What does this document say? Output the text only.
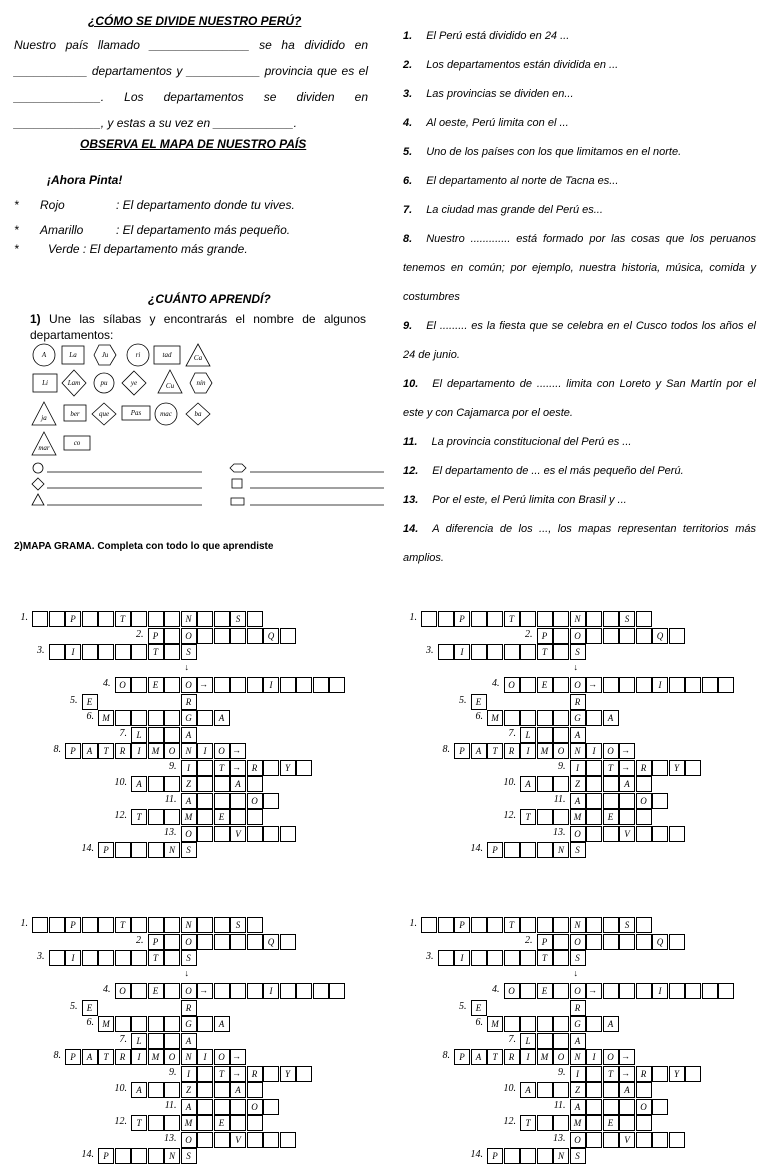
¿CÓMO SE DIVIDE NUESTRO PERÚ?
Nuestro país llamado _______________ se ha dividido en ___________ departamentos y ___________ provincia que es el _____________. Los departamentos se dividen en _____________, y estas a su vez en ____________.
OBSERVA EL MAPA DE NUESTRO PAÍS
¡Ahora Pinta!
* Rojo	: El departamento donde tu vives.
* Amarillo	: El departamento más pequeño.
* Verde : El departamento más grande.
¿CUÁNTO APRENDÍ?
1) Une las sílabas y encontrarás el nombre de algunos departamentos:
A	La	Ju	ri	tad	Ca
Li	Lam	pu	ye	Cu	nín
ja	ber	que	Pas	mac	ba
mar
co
2)MAPA GRAMA. Completa con todo lo que aprendiste
1. El Perú está dividido en 24 ...
2. Los departamentos están dividida en ...
3. Las provincias se dividen en...
4. Al oeste, Perú limita con el ...
5. Uno de los países con los que limitamos en el norte.
6. El departamento al norte de Tacna es...
7. La ciudad mas grande del Perú es...
8. Nuestro ............. está formado por las cosas que los peruanos tenemos en común; por ejemplo, nuestra historia, música, comida y costumbres
9. El ......... es la fiesta que se celebra en el Cusco todos los años el 24 de junio.
10. El departamento de ........ limita con Loreto y San Martín por el este y con Cajamarca por el oeste.
11. La provincia constitucional del Perú es ...
12. El departamento de ... es el más pequeño del Perú.
13. Por el este, el Perú limita con Brasil y ...
14. A diferencia de los ..., los mapas representan territorios más amplios.
P	T	N	S
1.
P	O	Q
2.
I	T	S
3.
O	E	O	I
4.
E	R
5.
M	G	A
6.
L	A
7.
P	A	T	R	I	M	O	N	I	O
8.
I	T	R	Y
9.
A	Z	A
10.
A	O
11.
T	M	E
12.
O	V
13.
P	N	S
14.
↓
→
→
→
P	T	N	S
1.
P	O	Q
2.
I	T	S
3.
O	E	O	I
4.
E	R
5.
M	G	A
6.
L	A
7.
P	A	T	R	I	M	O	N	I	O
8.
I	T	R	Y
9.
A	Z	A
10.
A	O
11.
T	M	E
12.
O	V
13.
P	N	S
14.
↓
→
→
→
P	T	N	S
1.
P	O	Q
2.
I	T	S
3.
O	E	O	I
4.
E	R
5.
M	G	A
6.
L	A
7.
P	A	T	R	I	M	O	N	I	O
8.
I	T	R	Y
9.
A	Z	A
10.
A	O
11.
T	M	E
12.
O	V
13.
P	N	S
14.
↓
→
→
→
P	T	N	S
1.
P	O	Q
2.
I	T	S
3.
O	E	O	I
4.
E	R
5.
M	G	A
6.
L	A
7.
P	A	T	R	I	M	O	N	I	O
8.
I	T	R	Y
9.
A	Z	A
10.
A	O
11.
T	M	E
12.
O	V
13.
P	N	S
14.
↓
→
→
→
